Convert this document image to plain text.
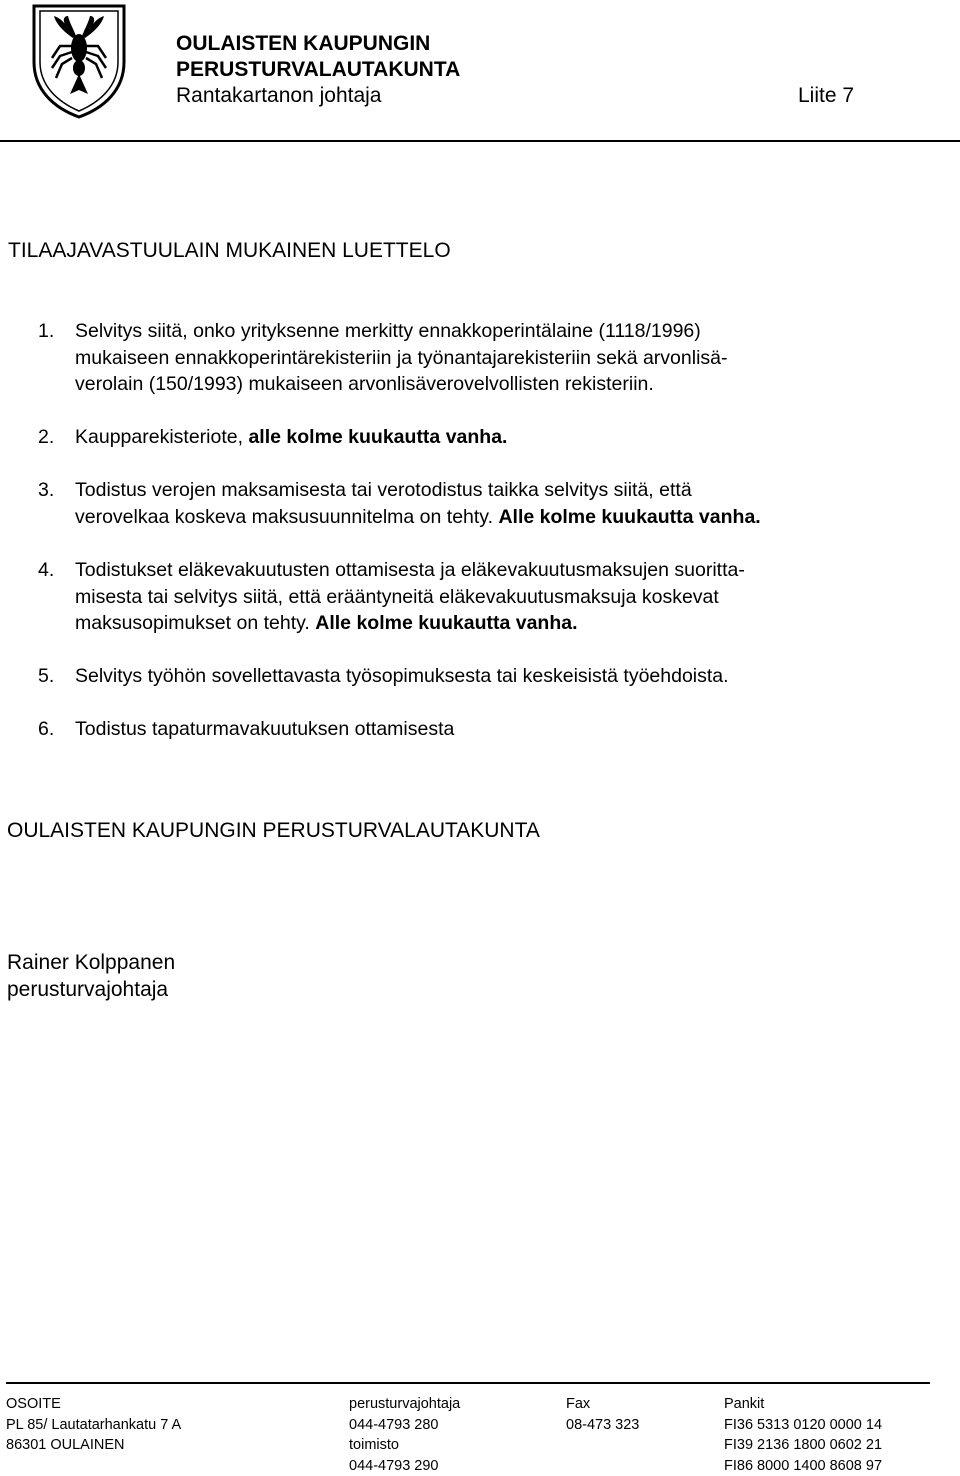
OULAISTEN KAUPUNGIN
PERUSTURVALAUTAKUNTA
Rantakartanon johtaja	Liite 7
TILAAJAVASTUULAIN MUKAINEN LUETTELO
1. Selvitys siitä, onko yrityksenne merkitty ennakkoperintälaine (1118/1996)
mukaiseen ennakkoperintärekisteriin ja työnantajarekisteriin sekä arvonlisä-
verolain (150/1993) mukaiseen arvonlisäverovelvollisten rekisteriin.
2. Kaupparekisteriote, alle kolme kuukautta vanha.
3. Todistus verojen maksamisesta tai verotodistus taikka selvitys siitä, että
verovelkaa koskeva maksusuunnitelma on tehty. Alle kolme kuukautta vanha.
4. Todistukset eläkevakuutusten ottamisesta ja eläkevakuutusmaksujen suoritta-
misesta tai selvitys siitä, että erääntyneitä eläkevakuutusmaksuja koskevat
maksusopimukset on tehty. Alle kolme kuukautta vanha.
5. Selvitys työhön sovellettavasta työsopimuksesta tai keskeisistä työehdoista.
6. Todistus tapaturmavakuutuksen ottamisesta
OULAISTEN KAUPUNGIN PERUSTURVALAUTAKUNTA
Rainer Kolppanen
perusturvajohtaja
OSOITE
PL 85/ Lautatarhankatu 7 A
86301 OULAINEN
perusturvajohtaja
044-4793 280
toimisto
044-4793 290
Fax
08-473 323
Pankit
FI36 5313 0120 0000 14
FI39 2136 1800 0602 21
FI86 8000 1400 8608 97
